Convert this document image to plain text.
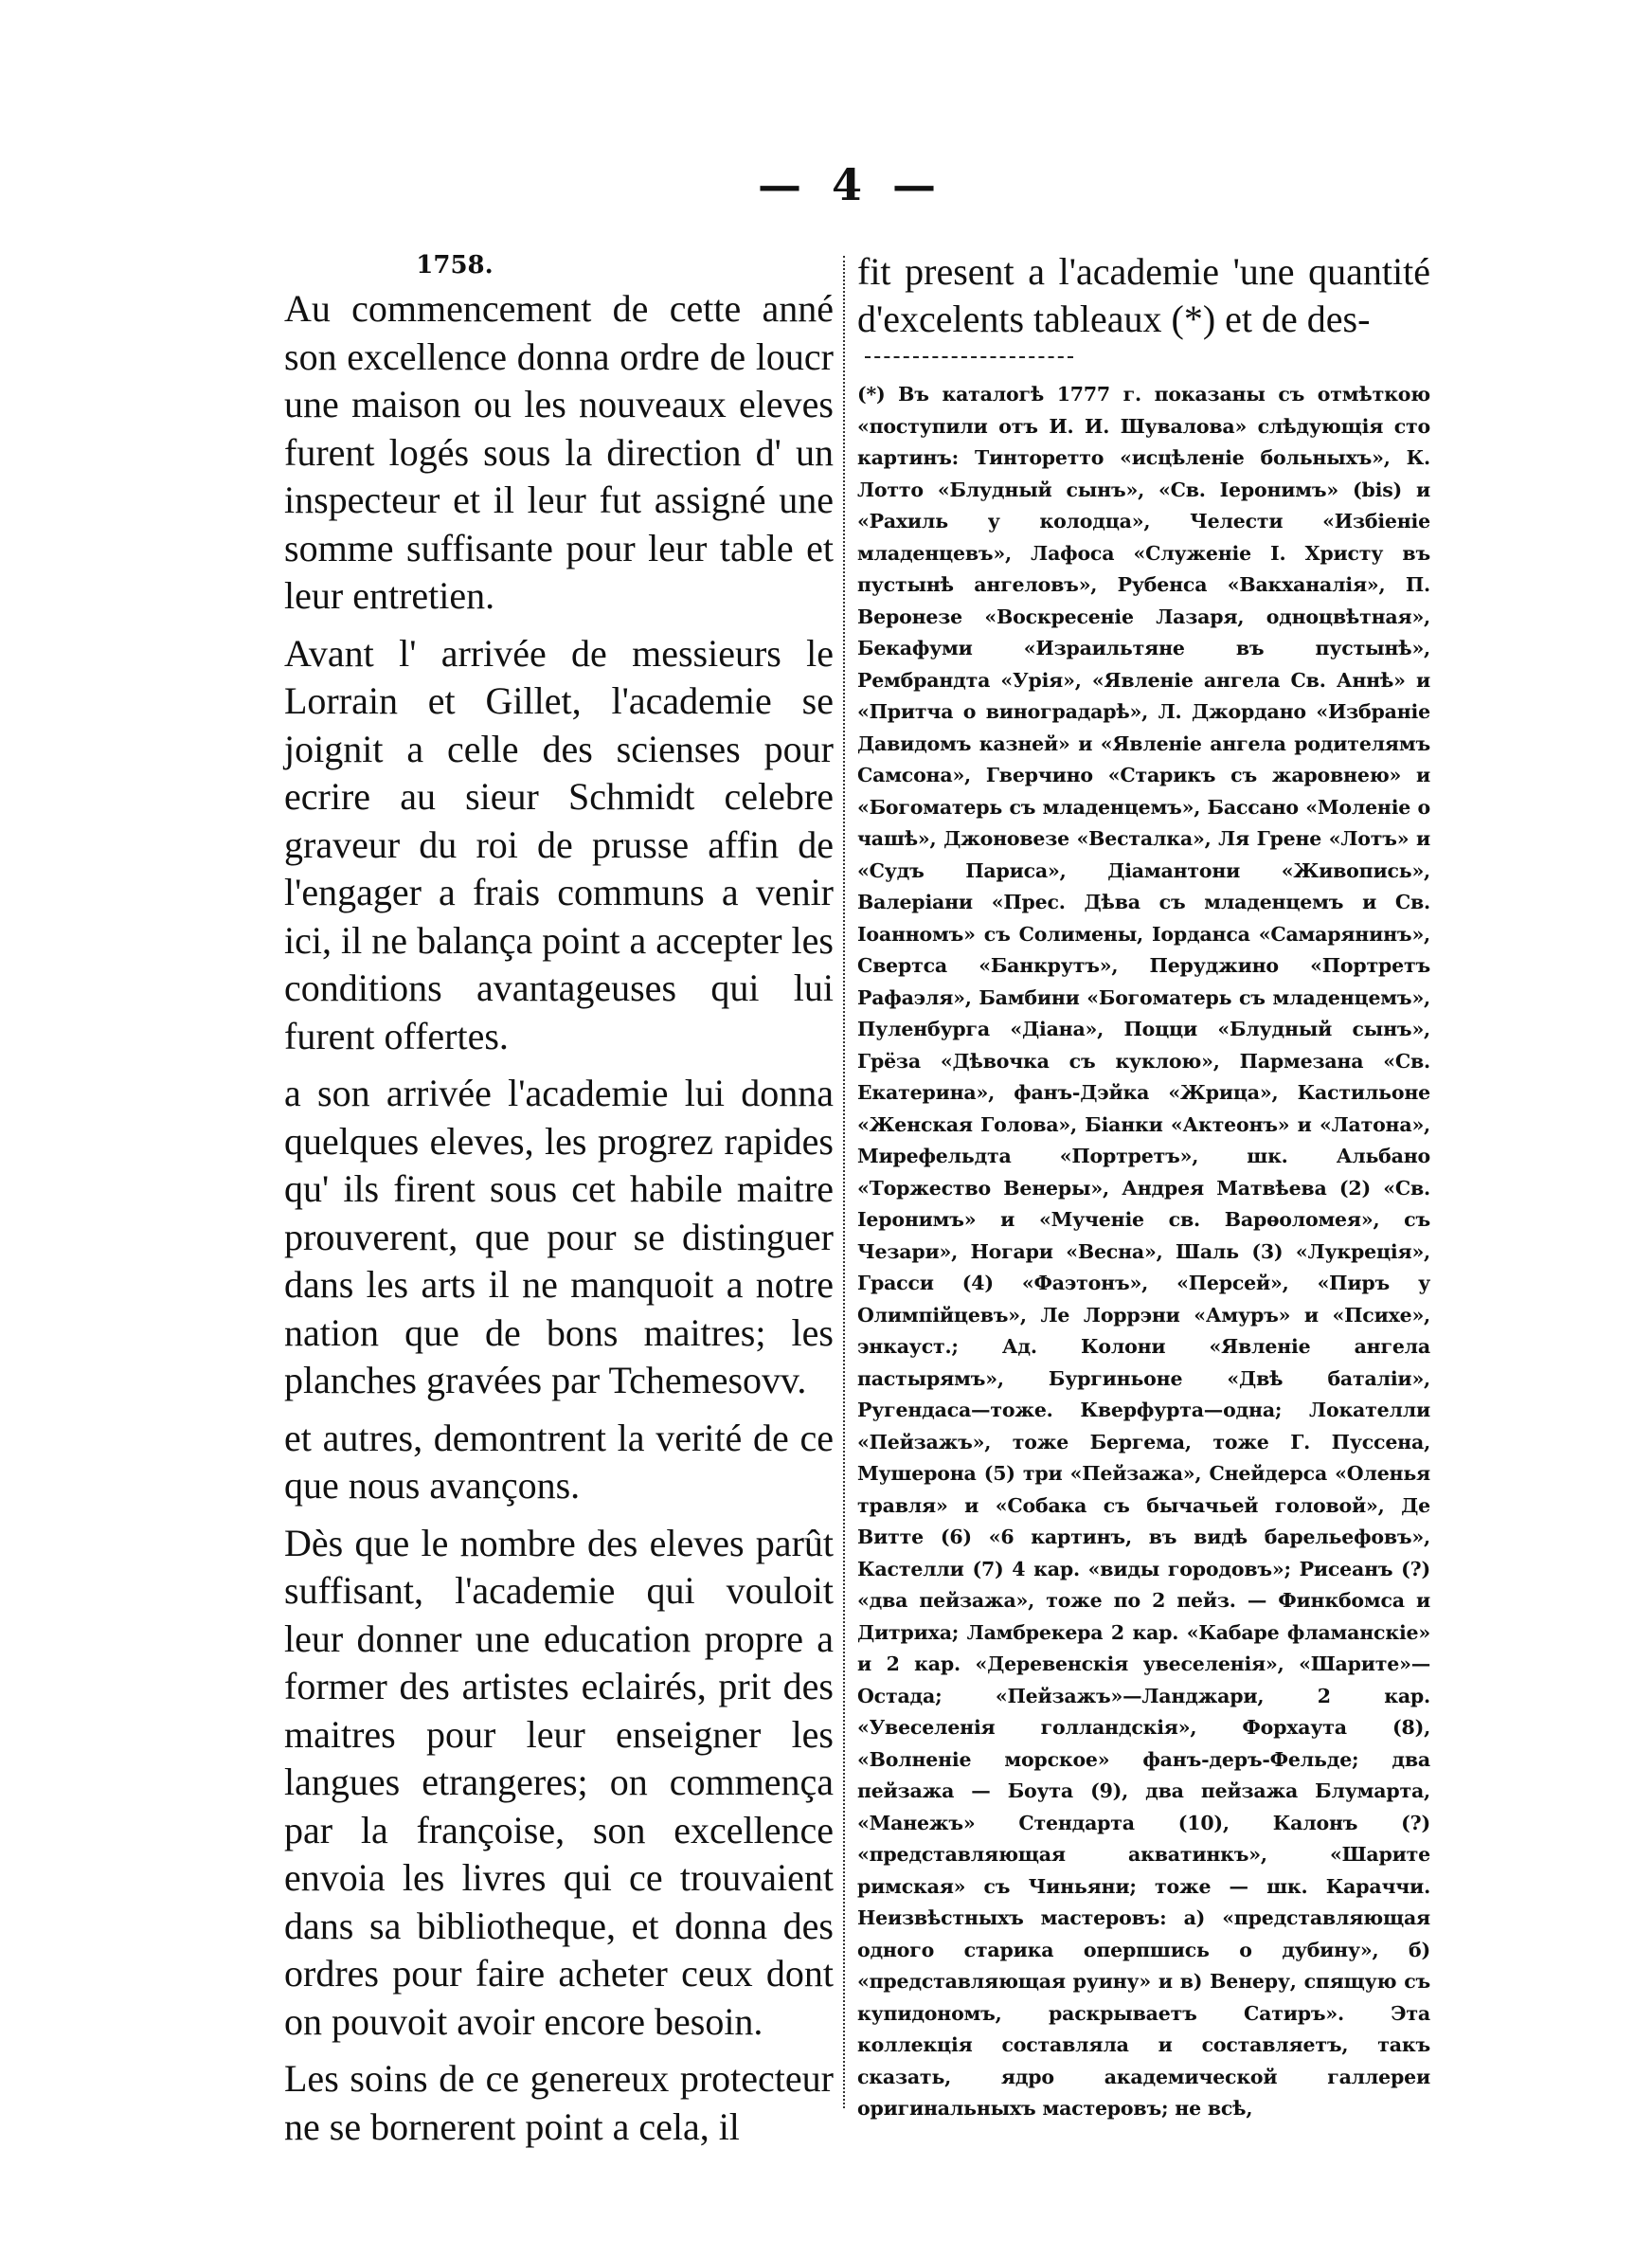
— 4 —
1758.

Au commencement de cette anné son excellence donna ordre de loucr une maison ou les nouveaux eleves furent logés sous la direction d' un inspecteur et il leur fut assigné une somme suffisante pour leur table et leur entretien.

Avant l' arrivée de messieurs le Lorrain et Gillet, l'academie se joignit a celle des scienses pour ecrire au sieur Schmidt celebre graveur du roi de prusse affin de l'engager a frais communs a venir ici, il ne balança point a accepter les conditions avantageuses qui lui furent offertes.

a son arrivée l'academie lui donna quelques eleves, les progrez rapides qu' ils firent sous cet habile maitre prouverent, que pour se distinguer dans les arts il ne manquoit a notre nation que de bons maitres; les planches gravées par Tchemesovv.

et autres, demontrent la verité de ce que nous avançons.

Dès que le nombre des eleves parût suffisant, l'academie qui vouloit leur donner une education propre a former des artistes eclairés, prit des maitres pour leur enseigner les langues etrangeres; on commença par la françoise, son excellence envoia les livres qui ce trouvaient dans sa bibliotheque, et donna des ordres pour faire acheter ceux dont on pouvoit avoir encore besoin.

Les soins de ce genereux protecteur ne se bornerent point a cela, il

fit present a l'academie 'une quantité d'excelents tableaux (*) et de des-

(*) Въ каталогѣ 1777 г. показаны съ отмѣткою «поступили отъ И. И. Шувалова» слѣдующія сто картинъ: Тинторетто «исцѣленіе больныхъ», К. Лотто «Блудный сынъ», «Св. Іеронимъ» (bis) и «Рахиль у колодца», Челести «Избіеніе младенцевъ», Лафоса «Служеніе І. Христу въ пустынѣ ангеловъ», Рубенса «Вакханалія», П. Веронезе «Воскресеніе Лазаря, одноцвѣтная», Бекафуми «Израильтяне въ пустынѣ», Рембрандта «Урія», «Явленіе ангела Св. Аннѣ» и «Притча о виноградарѣ», Л. Джордано «Избраніе Давидомъ казней» и «Явленіе ангела родителямъ Самсона», Гверчино «Старикъ съ жаровнею» и «Богоматерь съ младенцемъ», Бассано «Моленіе о чашѣ», Джоновезе «Весталка», Ля Грене «Лотъ» и «Судъ Париса», Діамантони «Живопись», Валеріани «Прес. Дѣва съ младенцемъ и Св. Іоанномъ» съ Солимены, Іорданса «Самарянинъ», Свертса «Банкрутъ», Перуджино «Портретъ Рафаэля», Бамбини «Богоматерь съ младенцемъ», Пуленбурга «Діана», Поцци «Блудный сынъ», Грёза «Дѣвочка съ куклою», Пармезана «Св. Екатерина», фанъ-Дэйка «Жрица», Кастильоне «Женская Голова», Біанки «Актеонъ» и «Латона», Мирефельдта «Портретъ», шк. Альбано «Торжество Венеры», Андрея Матвѣева (2) «Св. Іеронимъ» и «Мученіе св. Варѳоломея», съ Чезари», Ногари «Весна», Шаль (3) «Лукреція», Грасси (4) «Фаэтонъ», «Персей», «Пиръ у Олимпійцевъ», Ле Лоррэни «Амуръ» и «Психе», энкауст.; Ад. Колони «Явленіе ангела пастырямъ», Бургиньоне «Двѣ баталіи», Ругендаса—тоже. Кверфурта—одна; Локателли «Пейзажъ», тоже Бергема, тоже Г. Пуссена, Мушерона (5) три «Пейзажа», Снейдерса «Оленья травля» и «Собака съ бычачьей головой», Де Витте (6) «6 картинъ, въ видѣ барельефовъ», Кастелли (7) 4 кар. «виды городовъ»; Рисеанъ (?) «два пейзажа», тоже по 2 пейз. — Финкбомса и Дитриха; Ламбрекера 2 кар. «Кабаре фламанскіе» и 2 кар. «Деревенскія увеселенія», «Шарите»—Остада; «Пейзажъ»—Ланджари, 2 кар. «Увеселенія голландскія», Форхаута (8), «Волненіе морское» фанъ-деръ-Фельде; два пейзажа — Боута (9), два пейзажа Блумарта, «Манежъ» Стендарта (10), Калонъ (?) «представляющая акватинкъ», «Шарите римская» съ Чиньяни; тоже — шк. Караччи. Неизвѣстныхъ мастеровъ: а) «представляющая одного старика оперпшись о дубину», б) «представляющая руину» и в) Венеру, спящую съ купидономъ, раскрываетъ Сатиръ». Эта коллекція составляла и составляетъ, такъ сказать, ядро академической галлереи оригинальныхъ мастеровъ; не всѣ,
